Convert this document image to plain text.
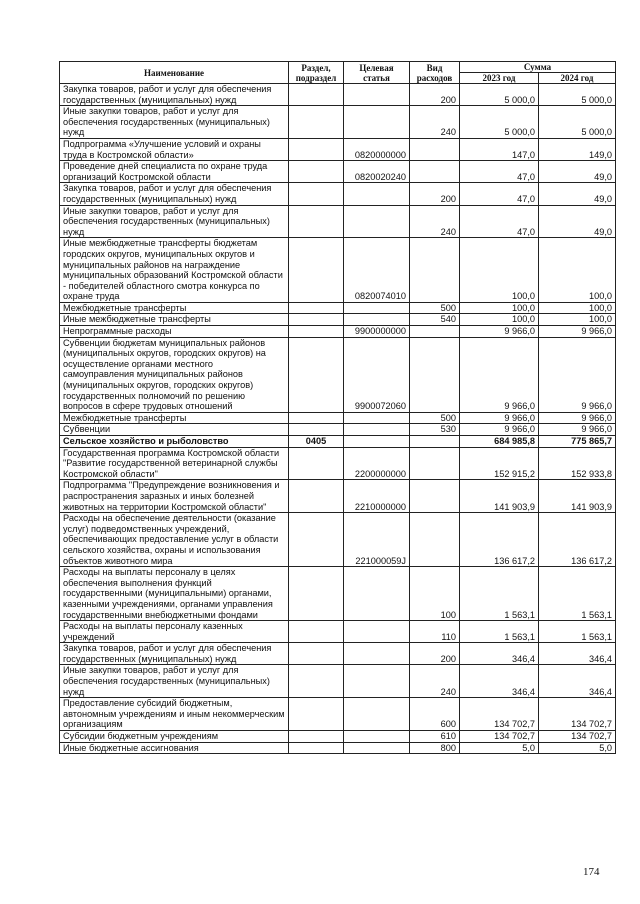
Наименование	Раздел, подраздел	Целевая статья	Вид расходов	Сумма	
				2023 год	2024 год
Закупка товаров, работ и услуг для обеспечения государственных (муниципальных) нужд			200	5 000,0	5 000,0
Иные закупки товаров, работ и услуг для обеспечения государственных (муниципальных) нужд			240	5 000,0	5 000,0
Подпрограмма «Улучшение условий и охраны труда в Костромской области»		0820000000		147,0	149,0
Проведение дней специалиста по охране труда организаций Костромской области		0820020240		47,0	49,0
Закупка товаров, работ и услуг для обеспечения государственных (муниципальных) нужд			200	47,0	49,0
Иные закупки товаров, работ и услуг для обеспечения государственных (муниципальных) нужд			240	47,0	49,0
Иные межбюджетные трансферты бюджетам городских округов, муниципальных округов и муниципальных районов на награждение муниципальных образований Костромской области - победителей областного смотра конкурса по охране труда		0820074010		100,0	100,0
Межбюджетные трансферты			500	100,0	100,0
Иные межбюджетные трансферты			540	100,0	100,0
Непрограммные расходы		9900000000		9 966,0	9 966,0
Субвенции бюджетам муниципальных районов (муниципальных округов, городских округов) на осуществление органами местного самоуправления муниципальных районов (муниципальных округов, городских округов) государственных полномочий по решению вопросов в сфере трудовых отношений		9900072060		9 966,0	9 966,0
Межбюджетные трансферты			500	9 966,0	9 966,0
Субвенции			530	9 966,0	9 966,0
Сельское хозяйство и рыболовство	0405			684 985,8	775 865,7
Государственная программа Костромской области "Развитие государственной ветеринарной службы Костромской области"		2200000000		152 915,2	152 933,8
Подпрограмма "Предупреждение возникновения и распространения заразных и иных болезней животных на территории Костромской области"		2210000000		141 903,9	141 903,9
Расходы на обеспечение деятельности (оказание услуг) подведомственных учреждений, обеспечивающих предоставление услуг в области сельского хозяйства, охраны и использования объектов животного мира		221000059J		136 617,2	136 617,2
Расходы на выплаты персоналу в целях обеспечения выполнения функций государственными (муниципальными) органами, казенными учреждениями, органами управления государственными внебюджетными фондами			100	1 563,1	1 563,1
Расходы на выплаты персоналу казенных учреждений			110	1 563,1	1 563,1
Закупка товаров, работ и услуг для обеспечения государственных (муниципальных) нужд			200	346,4	346,4
Иные закупки товаров, работ и услуг для обеспечения государственных (муниципальных) нужд			240	346,4	346,4
Предоставление субсидий бюджетным, автономным учреждениям и иным некоммерческим организациям			600	134 702,7	134 702,7
Субсидии бюджетным учреждениям			610	134 702,7	134 702,7
Иные бюджетные ассигнования			800	5,0	5,0
174
